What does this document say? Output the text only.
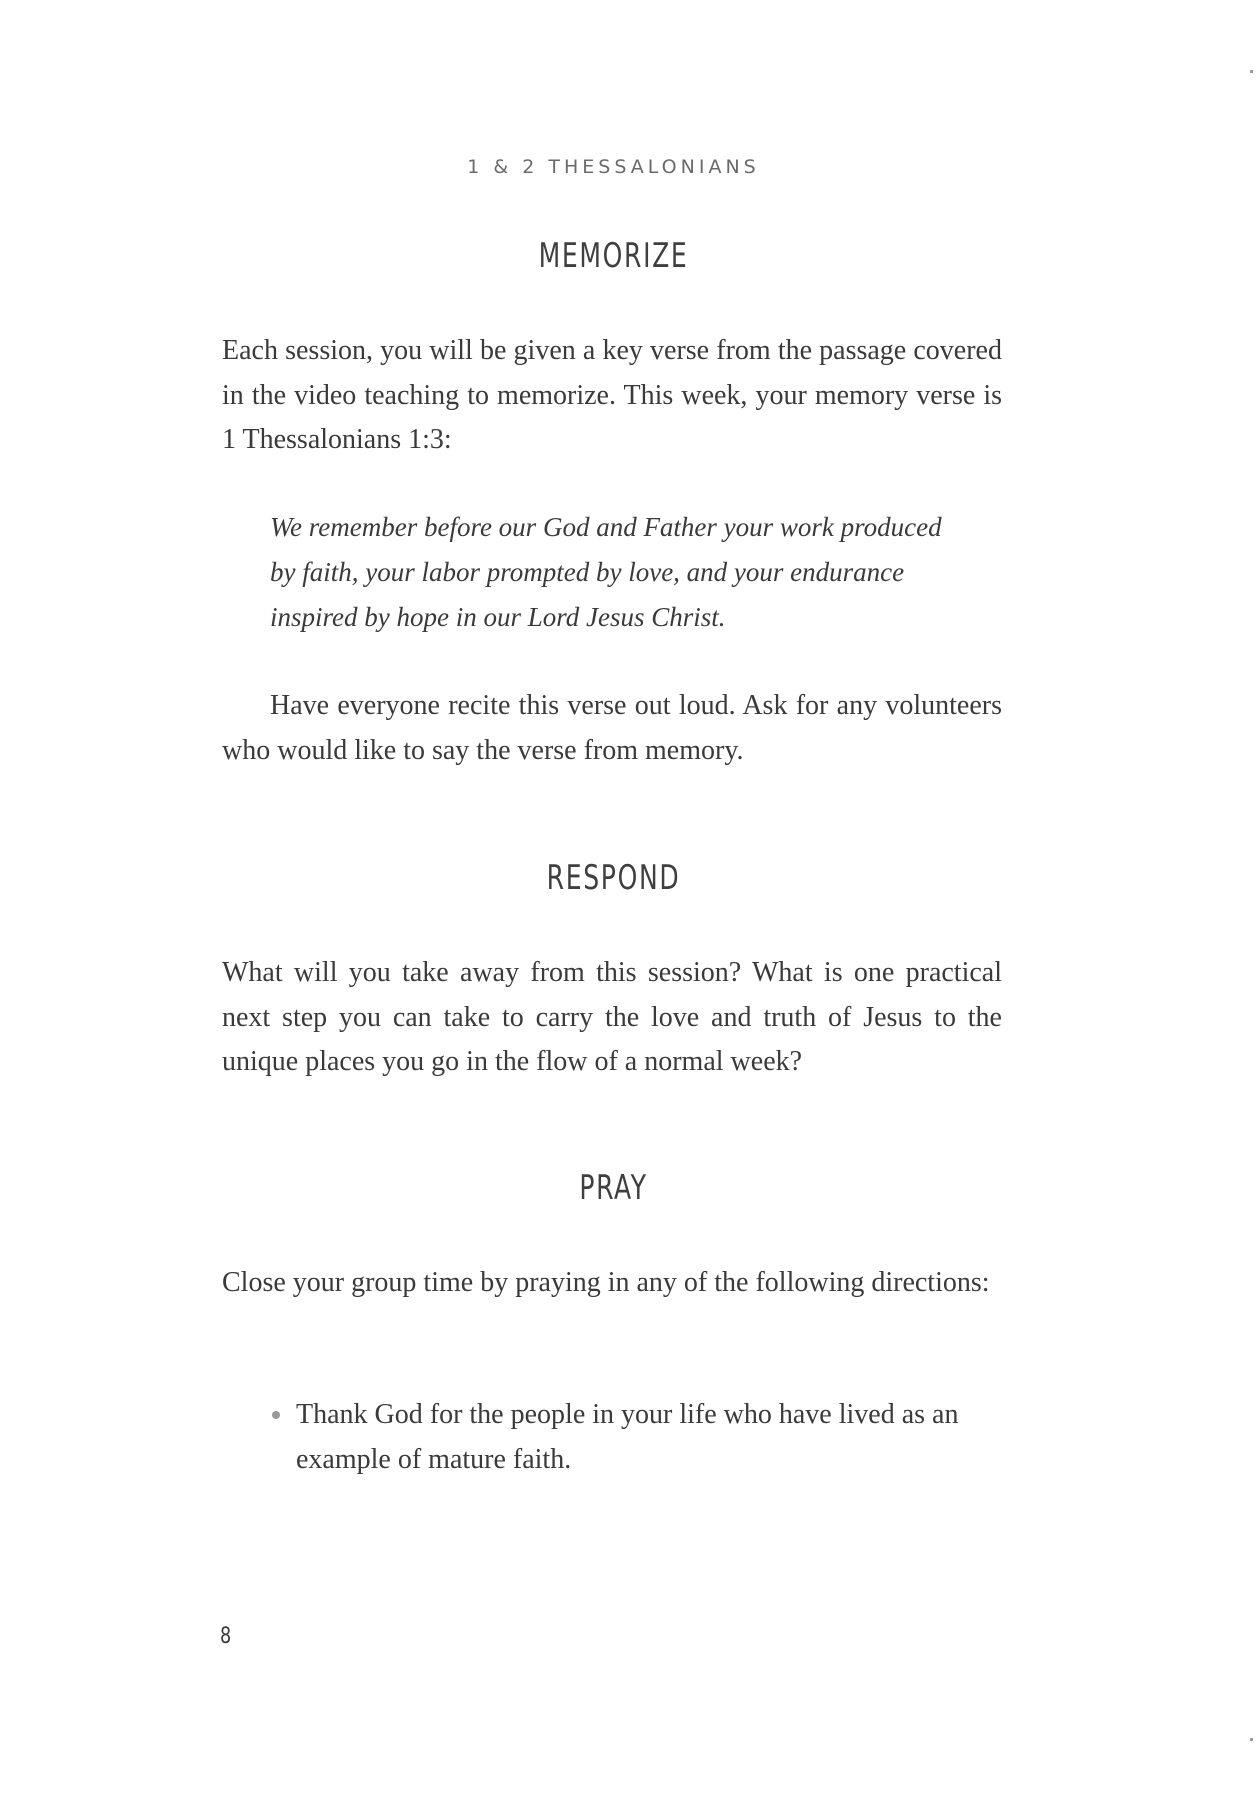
1 & 2 THESSALONIANS
MEMORIZE

Each session, you will be given a key verse from the passage covered in the video teaching to memorize. This week, your memory verse is 1 Thessalonians 1:3:

We remember before our God and Father your work produced by faith, your labor prompted by love, and your endurance inspired by hope in our Lord Jesus Christ.

Have everyone recite this verse out loud. Ask for any volunteers who would like to say the verse from memory.

RESPOND

What will you take away from this session? What is one practical next step you can take to carry the love and truth of Jesus to the unique places you go in the flow of a normal week?

PRAY

Close your group time by praying in any of the following directions:

Thank God for the people in your life who have lived as an example of mature faith.
8
